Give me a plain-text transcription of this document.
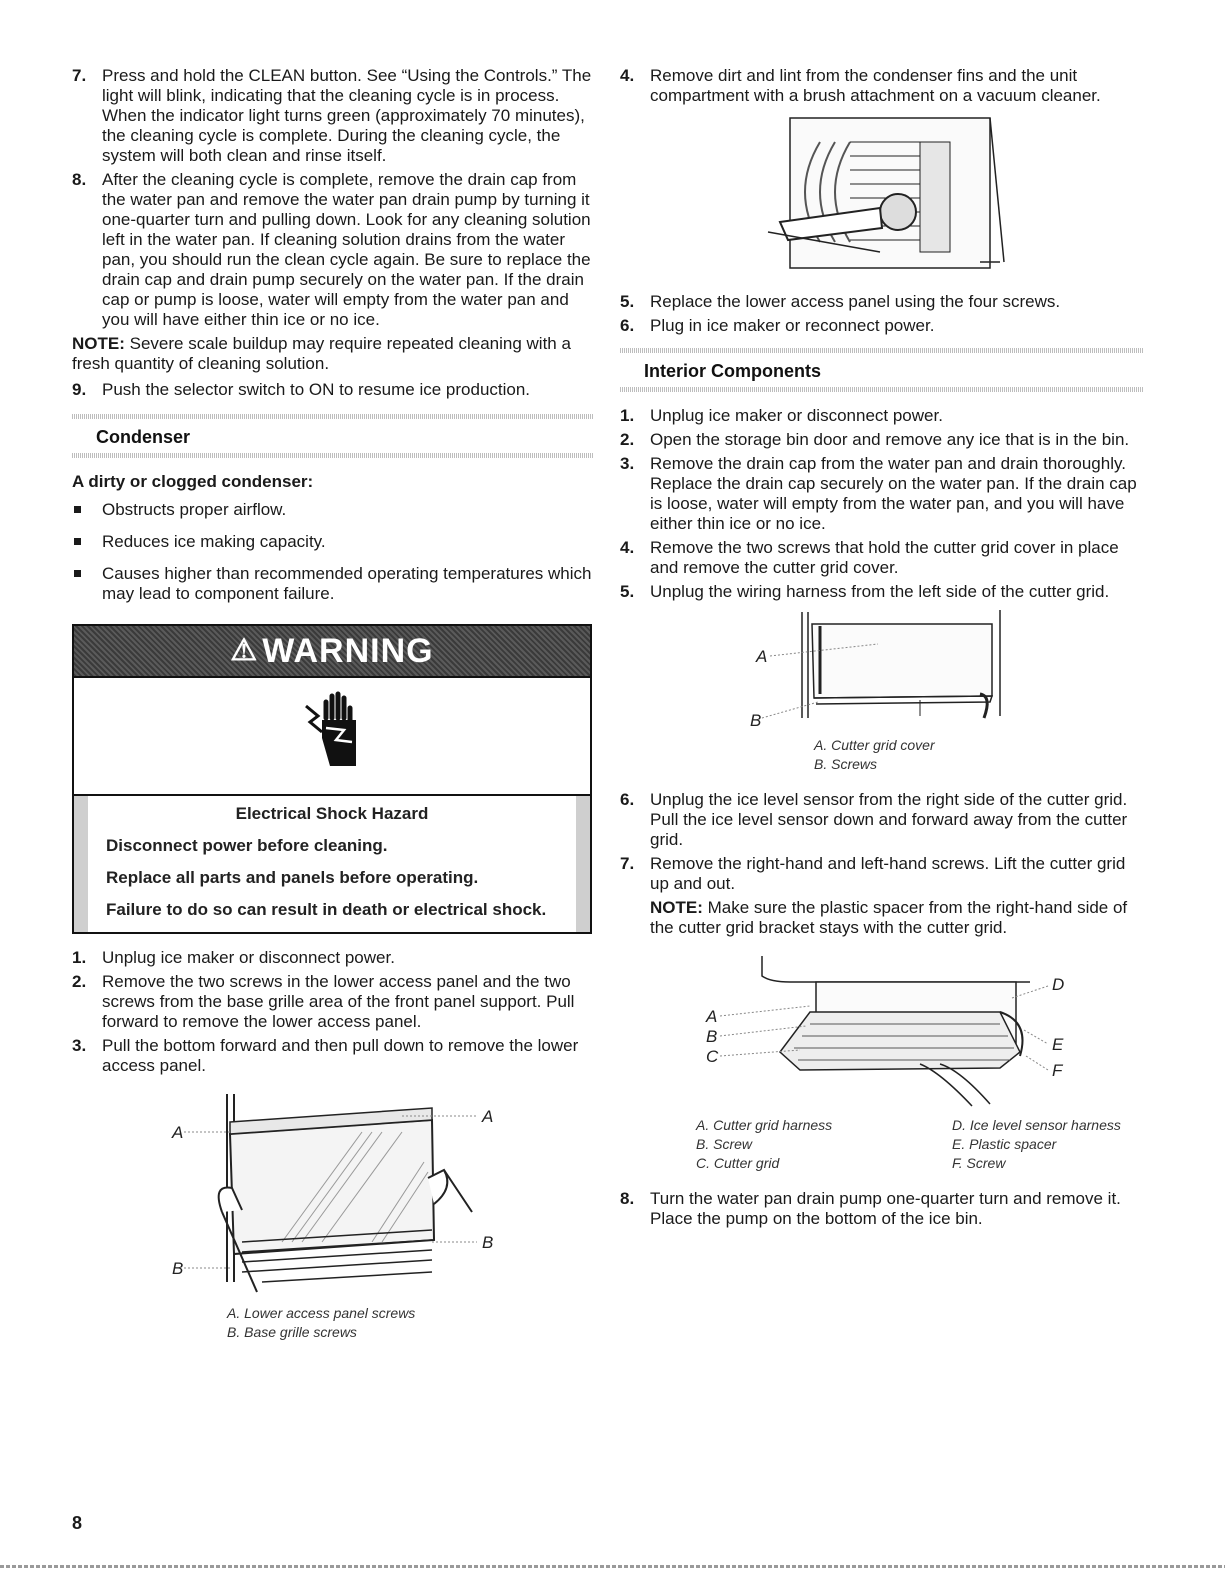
7. Press and hold the CLEAN button. See “Using the Controls.” The light will blink, indicating that the cleaning cycle is in process. When the indicator light turns green (approximately 70 minutes), the cleaning cycle is complete. During the cleaning cycle, the system will both clean and rinse itself.
8. After the cleaning cycle is complete, remove the drain cap from the water pan and remove the water pan drain pump by turning it one-quarter turn and pulling down. Look for any cleaning solution left in the water pan. If cleaning solution drains from the water pan, you should run the clean cycle again. Be sure to replace the drain cap and drain pump securely on the water pan. If the drain cap or pump is loose, water will empty from the water pan and you will have either thin ice or no ice.

NOTE: Severe scale buildup may require repeated cleaning with a fresh quantity of cleaning solution.

9. Push the selector switch to ON to resume ice production.
Condenser
A dirty or clogged condenser:
Obstructs proper airflow.
Reduces ice making capacity.
Causes higher than recommended operating temperatures which may lead to component failure.
⚠ WARNING
Electrical Shock Hazard

Disconnect power before cleaning.

Replace all parts and panels before operating.

Failure to do so can result in death or electrical shock.

1. Unplug ice maker or disconnect power.
2. Remove the two screws in the lower access panel and the two screws from the base grille area of the front panel support. Pull forward to remove the lower access panel.
3. Pull the bottom forward and then pull down to remove the lower access panel.
A
A
B
B
A. Lower access panel screws
B. Base grille screws
4. Remove dirt and lint from the condenser fins and the unit compartment with a brush attachment on a vacuum cleaner.
5. Replace the lower access panel using the four screws.
6. Plug in ice maker or reconnect power.
Interior Components
1. Unplug ice maker or disconnect power.
2. Open the storage bin door and remove any ice that is in the bin.
3. Remove the drain cap from the water pan and drain thoroughly. Replace the drain cap securely on the water pan. If the drain cap is loose, water will empty from the water pan, and you will have either thin ice or no ice.
4. Remove the two screws that hold the cutter grid cover in place and remove the cutter grid cover.
5. Unplug the wiring harness from the left side of the cutter grid.
A
B
A. Cutter grid cover
B. Screws
6. Unplug the ice level sensor from the right side of the cutter grid. Pull the ice level sensor down and forward away from the cutter grid.
7. Remove the right-hand and left-hand screws. Lift the cutter grid up and out.

NOTE: Make sure the plastic spacer from the right-hand side of the cutter grid bracket stays with the cutter grid.

A
B
C
D
E
F
A. Cutter grid harness
B. Screw
C. Cutter grid
D. Ice level sensor harness
E. Plastic spacer
F. Screw
8. Turn the water pan drain pump one-quarter turn and remove it. Place the pump on the bottom of the ice bin.
8
